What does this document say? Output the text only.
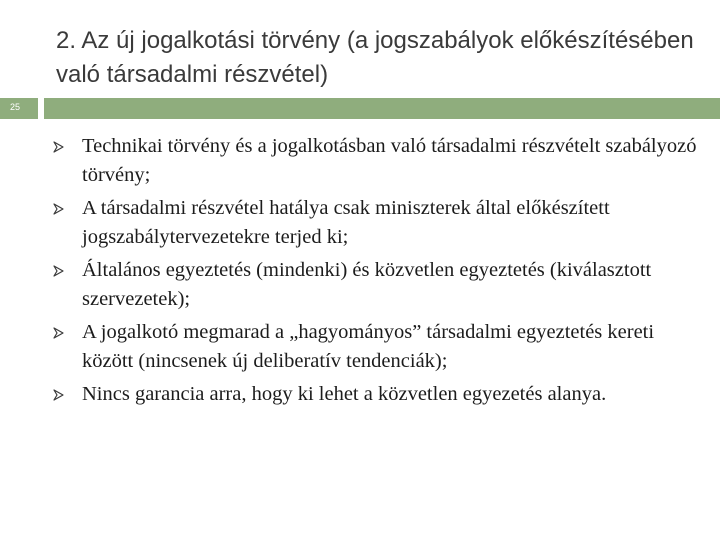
2. Az új jogalkotási törvény (a jogszabályok előkészítésében való társadalmi részvétel)
25
Technikai törvény és a jogalkotásban való társadalmi részvételt szabályozó törvény;
A társadalmi részvétel hatálya csak miniszterek által előkészített jogszabálytervezetekre terjed ki;
Általános egyeztetés (mindenki) és közvetlen egyeztetés (kiválasztott szervezetek);
A jogalkotó megmarad a „hagyományos” társadalmi egyeztetés kereti között (nincsenek új deliberatív tendenciák);
Nincs garancia arra, hogy ki lehet a közvetlen egyezetés alanya.
